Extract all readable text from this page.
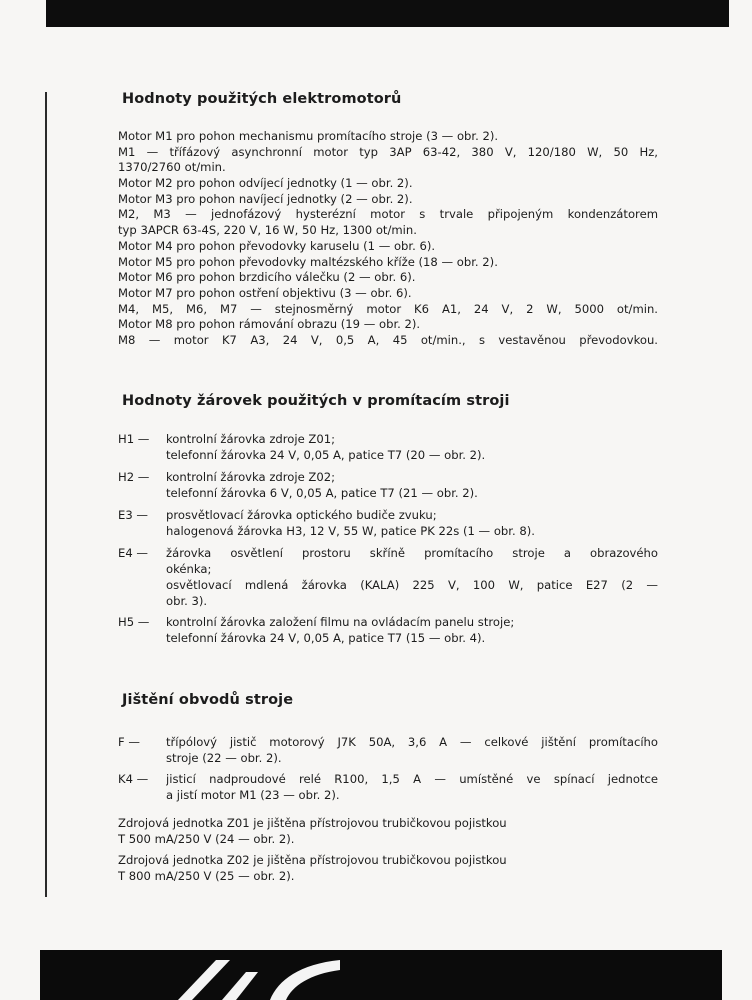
Hodnoty použitých elektromotorů
Motor M1 pro pohon mechanismu promítacího stroje (3 — obr. 2).
M1 — třífázový asynchronní motor typ 3AP 63-42, 380 V, 120/180 W, 50 Hz,
1370/2760 ot/min.
Motor M2 pro pohon odvíjecí jednotky (1 — obr. 2).
Motor M3 pro pohon navíjecí jednotky (2 — obr. 2).
M2, M3 — jednofázový hysterézní motor s trvale připojeným kondenzátorem
typ 3APCR 63-4S, 220 V, 16 W, 50 Hz, 1300 ot/min.
Motor M4 pro pohon převodovky karuselu (1 — obr. 6).
Motor M5 pro pohon převodovky maltézského kříže (18 — obr. 2).
Motor M6 pro pohon brzdicího válečku (2 — obr. 6).
Motor M7 pro pohon ostření objektivu (3 — obr. 6).
M4, M5, M6, M7 — stejnosměrný motor K6 A1, 24 V, 2 W, 5000 ot/min.
Motor M8 pro pohon rámování obrazu (19 — obr. 2).
M8 — motor K7 A3, 24 V, 0,5 A, 45 ot/min., s vestavěnou převodovkou.
Hodnoty žárovek použitých v promítacím stroji
H1 —	kontrolní žárovka zdroje Z01;
telefonní žárovka 24 V, 0,05 A, patice T7 (20 — obr. 2).
H2 —	kontrolní žárovka zdroje Z02;
telefonní žárovka 6 V, 0,05 A, patice T7 (21 — obr. 2).
E3 —	prosvětlovací žárovka optického budiče zvuku;
halogenová žárovka H3, 12 V, 55 W, patice PK 22s (1 — obr. 8).
E4 —	žárovka osvětlení prostoru skříně promítacího stroje a obrazového
okénka;
osvětlovací mdlená žárovka (KALA) 225 V, 100 W, patice E27 (2 —
obr. 3).
H5 —	kontrolní žárovka založení filmu na ovládacím panelu stroje;
telefonní žárovka 24 V, 0,05 A, patice T7 (15 — obr. 4).
Jištění obvodů stroje
F —	třípólový jistič motorový J7K 50A, 3,6 A — celkové jištění promítacího
stroje (22 — obr. 2).
K4 —	jisticí nadproudové relé R100, 1,5 A — umístěné ve spínací jednotce
a jistí motor M1 (23 — obr. 2).
Zdrojová jednotka Z01 je jištěna přístrojovou trubičkovou pojistkou
T 500 mA/250 V (24 — obr. 2).
Zdrojová jednotka Z02 je jištěna přístrojovou trubičkovou pojistkou
T 800 mA/250 V (25 — obr. 2).
